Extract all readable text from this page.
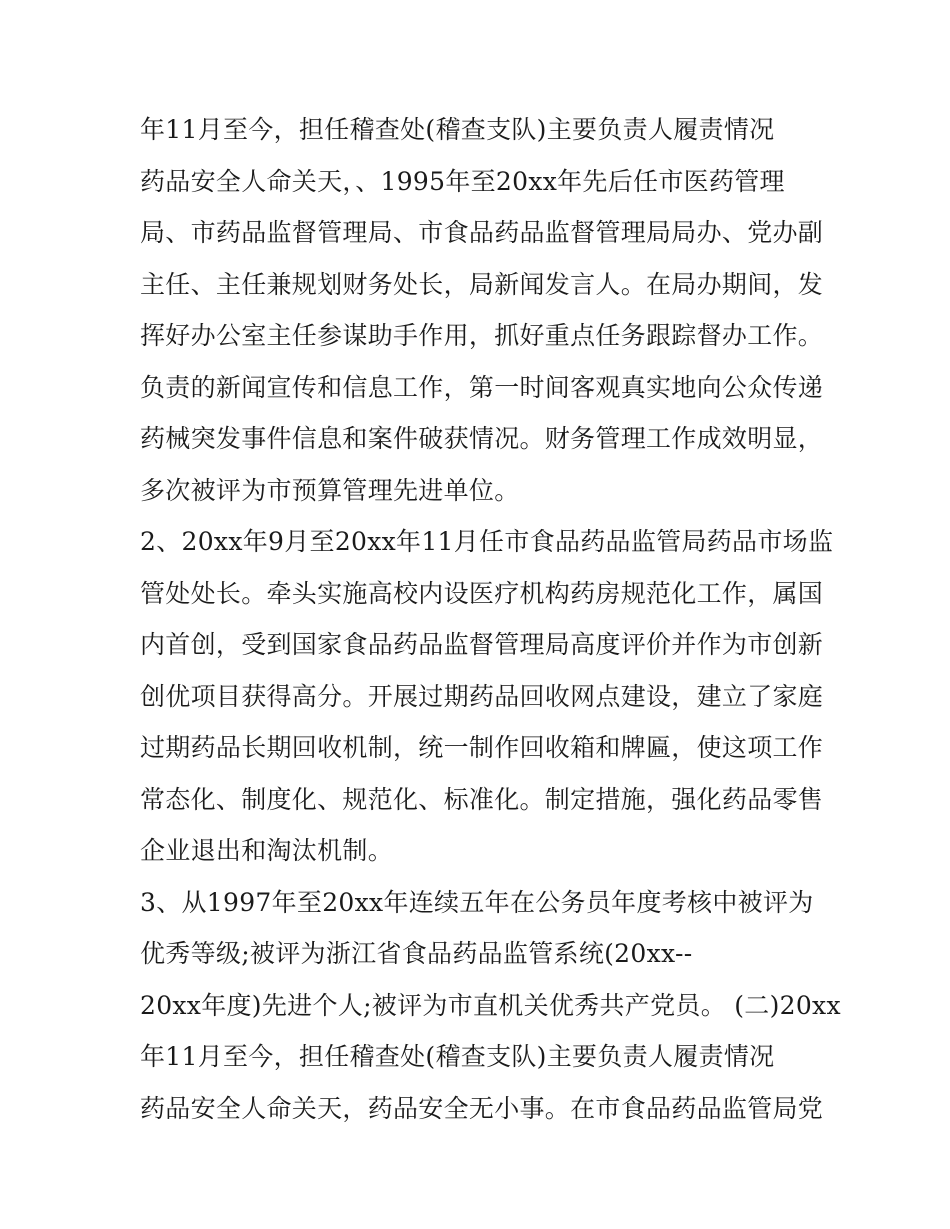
年11月至今，担任稽查处(稽查支队)主要负责人履责情况
药品安全人命关天，、1995年至20xx年先后任市医药管理
局、市药品监督管理局、市食品药品监督管理局局办、党办副
主任、主任兼规划财务处长，局新闻发言人。在局办期间，发
挥好办公室主任参谋助手作用，抓好重点任务跟踪督办工作。
负责的新闻宣传和信息工作，第一时间客观真实地向公众传递
药械突发事件信息和案件破获情况。财务管理工作成效明显，
多次被评为市预算管理先进单位。
2、20xx年9月至20xx年11月任市食品药品监管局药品市场监
管处处长。牵头实施高校内设医疗机构药房规范化工作，属国
内首创，受到国家食品药品监督管理局高度评价并作为市创新
创优项目获得高分。开展过期药品回收网点建设，建立了家庭
过期药品长期回收机制，统一制作回收箱和牌匾，使这项工作
常态化、制度化、规范化、标准化。制定措施，强化药品零售
企业退出和淘汰机制。
3、从1997年至20xx年连续五年在公务员年度考核中被评为
优秀等级;被评为浙江省食品药品监管系统(20xx--
20xx年度)先进个人;被评为市直机关优秀共产党员。 (二)20xx
年11月至今，担任稽查处(稽查支队)主要负责人履责情况
药品安全人命关天，药品安全无小事。在市食品药品监管局党
